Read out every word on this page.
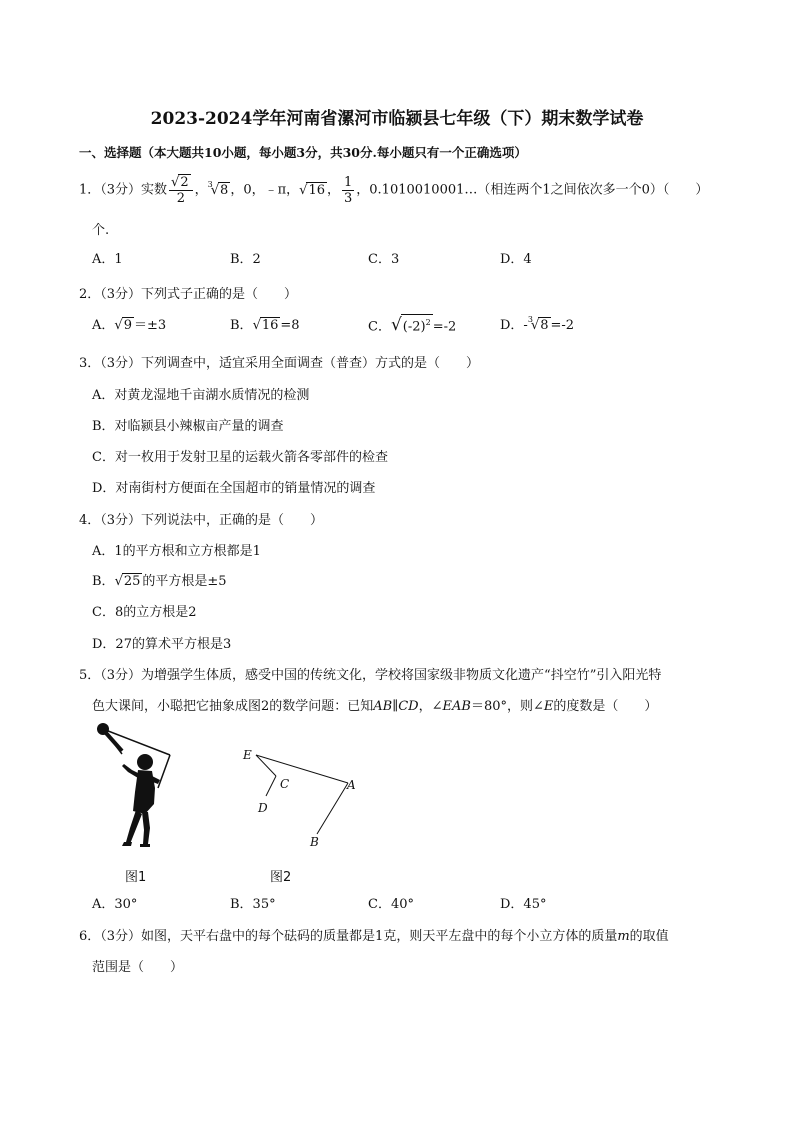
2023-2024学年河南省漯河市临颍县七年级（下）期末数学试卷
一、选择题（本大题共10小题，每小题3分，共30分.每小题只有一个正确选项）
1．（3分）实数 $\frac{√2}{2}$ ，$^3$√8 ，0，﹣π，√16 ， $\frac{1}{3}$ ，0.1010010001…（相连两个1之间依次多一个0）（　　）
个.
A．1	B．2	C．3	D．4
2．（3分）下列式子正确的是（　　）
A．√9 ＝±3	B．√16 =8	C．$√(-2)^2 =-2$	D．-$^3$√8 =-2
3．（3分）下列调查中，适宜采用全面调查（普查）方式的是（　　）
A．对黄龙湿地千亩湖水质情况的检测
B．对临颍县小辣椒亩产量的调查
C．对一枚用于发射卫星的运载火箭各零部件的检查
D．对南街村方便面在全国超市的销量情况的调查
4．（3分）下列说法中，正确的是（　　）
A．1的平方根和立方根都是1
B．√25 的平方根是±5
C．8的立方根是2
D．27的算术平方根是3
5．（3分）为增强学生体质，感受中国的传统文化，学校将国家级非物质文化遗产“抖空竹”引入阳光特
色大课间，小聪把它抽象成图2的数学问题：已知AB∥CD，∠EAB＝80°，则∠E的度数是（　　）
图1
E
C
D
A
B
图2
A．30°	B．35°	C．40°	D．45°
6．（3分）如图，天平右盘中的每个砝码的质量都是1克，则天平左盘中的每个小立方体的质量m的取值
范围是（　　）
